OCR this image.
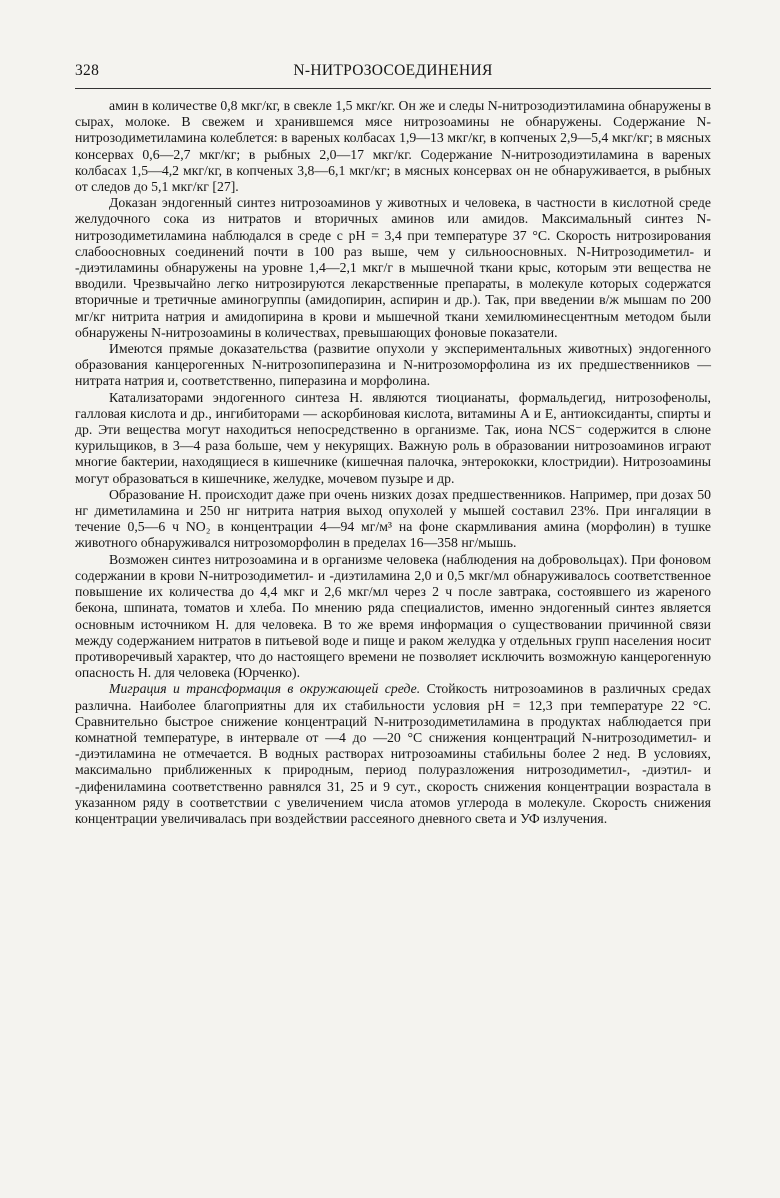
328	N-НИТРОЗОСОЕДИНЕНИЯ

амин в количестве 0,8 мкг/кг, в свекле 1,5 мкг/кг. Он же и следы N-нитрозодиэтиламина обнаружены в сырах, молоке. В свежем и хранившемся мясе нитрозоамины не обнаружены. Содержание N-нитрозодиметиламина колеблется: в вареных колбасах 1,9—13 мкг/кг, в копченых 2,9—5,4 мкг/кг; в мясных консервах 0,6—2,7 мкг/кг; в рыбных 2,0—17 мкг/кг. Содержание N-нитрозодиэтиламина в вареных колбасах 1,5—4,2 мкг/кг, в копченых 3,8—6,1 мкг/кг; в мясных консервах он не обнаруживается, в рыбных от следов до 5,1 мкг/кг [27].

Доказан эндогенный синтез нитрозоаминов у животных и человека, в частности в кислотной среде желудочного сока из нитратов и вторичных аминов или амидов. Максимальный синтез N-нитрозодиметиламина наблюдался в среде с pH = 3,4 при температуре 37 °С. Скорость нитрозирования слабоосновных соединений почти в 100 раз выше, чем у сильноосновных. N-Нитрозодиметил- и -диэтиламины обнаружены на уровне 1,4—2,1 мкг/г в мышечной ткани крыс, которым эти вещества не вводили. Чрезвычайно легко нитрозируются лекарственные препараты, в молекуле которых содержатся вторичные и третичные аминогруппы (амидопирин, аспирин и др.). Так, при введении в/ж мышам по 200 мг/кг нитрита натрия и амидопирина в крови и мышечной ткани хемилюминесцентным методом были обнаружены N-нитрозоамины в количествах, превышающих фоновые показатели.

Имеются прямые доказательства (развитие опухоли у экспериментальных животных) эндогенного образования канцерогенных N-нитрозопиперазина и N-нитрозоморфолина из их предшественников — нитрата натрия и, соответственно, пиперазина и морфолина.

Катализаторами эндогенного синтеза Н. являются тиоцианаты, формальдегид, нитрозофенолы, галловая кислота и др., ингибиторами — аскорбиновая кислота, витамины А и Е, антиоксиданты, спирты и др. Эти вещества могут находиться непосредственно в организме. Так, иона NCS⁻ содержится в слюне курильщиков, в 3—4 раза больше, чем у некурящих. Важную роль в образовании нитрозоаминов играют многие бактерии, находящиеся в кишечнике (кишечная палочка, энтерококки, клостридии). Нитрозоамины могут образоваться в кишечнике, желудке, мочевом пузыре и др.

Образование Н. происходит даже при очень низких дозах предшественников. Например, при дозах 50 нг диметиламина и 250 нг нитрита натрия выход опухолей у мышей составил 23%. При ингаляции в течение 0,5—6 ч NO₂ в концентрации 4—94 мг/м³ на фоне скармливания амина (морфолин) в тушке животного обнаруживался нитрозоморфолин в пределах 16—358 нг/мышь.

Возможен синтез нитрозоамина и в организме человека (наблюдения на добровольцах). При фоновом содержании в крови N-нитрозодиметил- и -диэтиламина 2,0 и 0,5 мкг/мл обнаруживалось соответственное повышение их количества до 4,4 мкг и 2,6 мкг/мл через 2 ч после завтрака, состоявшего из жареного бекона, шпината, томатов и хлеба. По мнению ряда специалистов, именно эндогенный синтез является основным источником Н. для человека. В то же время информация о существовании причинной связи между содержанием нитратов в питьевой воде и пище и раком желудка у отдельных групп населения носит противоречивый характер, что до настоящего времени не позволяет исключить возможную канцерогенную опасность Н. для человека (Юрченко).

Миграция и трансформация в окружающей среде. Стойкость нитрозоаминов в различных средах различна. Наиболее благоприятны для их стабильности условия pH = 12,3 при температуре 22 °С. Сравнительно быстрое снижение концентраций N-нитрозодиметиламина в продуктах наблюдается при комнатной температуре, в интервале от —4 до —20 °С снижения концентраций N-нитрозодиметил- и -диэтиламина не отмечается. В водных растворах нитрозоамины стабильны более 2 нед. В условиях, максимально приближенных к природным, период полуразложения нитрозодиметил-, -диэтил- и -дифениламина соответственно равнялся 31, 25 и 9 сут., скорость снижения концентрации возрастала в указанном ряду в соответствии с увеличением числа атомов углерода в молекуле. Скорость снижения концентрации увеличивалась при воздействии рассеяного дневного света и УФ излучения.
